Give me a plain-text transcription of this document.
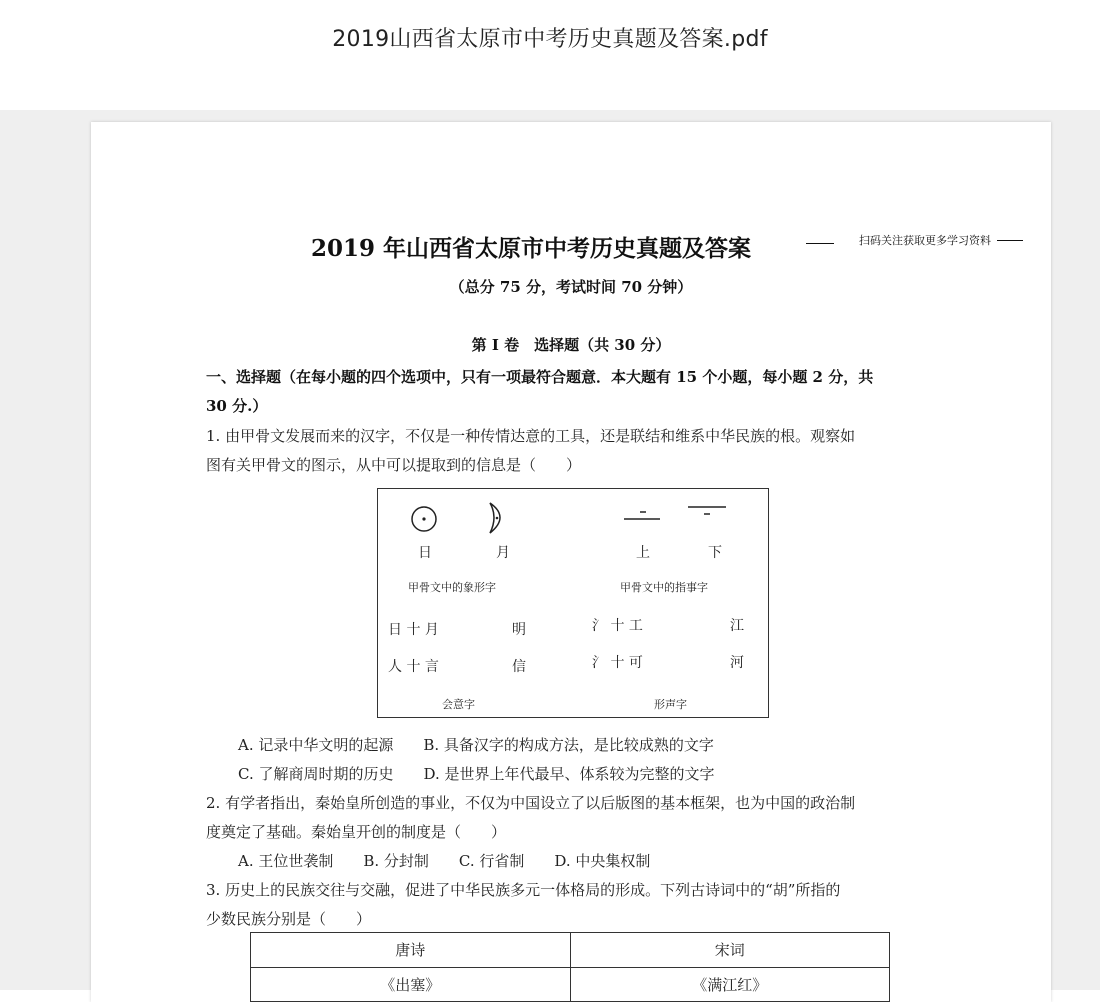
2019山西省太原市中考历史真题及答案.pdf
2019 年山西省太原市中考历史真题及答案	扫码关注获取更多学习资料
（总分 75 分，考试时间 70 分钟）
第 I 卷　选择题（共 30 分）
一、选择题（在每小题的四个选项中，只有一项最符合题意．本大题有 15 个小题，每小题 2 分，共
30 分.）
1. 由甲骨文发展而来的汉字，不仅是一种传情达意的工具，还是联结和维系中华民族的根。观察如
图有关甲骨文的图示，从中可以提取到的信息是（　　）
日	月	上	下
甲骨文中的象形字	甲骨文中的指事字
日 十 月	明	氵 十 工	江
人 十 言	信	氵 十 可	河
会意字	形声字
A. 记录中华文明的起源　　B. 具备汉字的构成方法，是比较成熟的文字
C. 了解商周时期的历史　　D. 是世界上年代最早、体系较为完整的文字
2. 有学者指出，秦始皇所创造的事业，不仅为中国设立了以后版图的基本框架，也为中国的政治制
度奠定了基础。秦始皇开创的制度是（　　）
A. 王位世袭制　　B. 分封制　　C. 行省制　　D. 中央集权制
3. 历史上的民族交往与交融，促进了中华民族多元一体格局的形成。下列古诗词中的“胡”所指的
少数民族分别是（　　）
唐诗	宋词
《出塞》	《满江红》
